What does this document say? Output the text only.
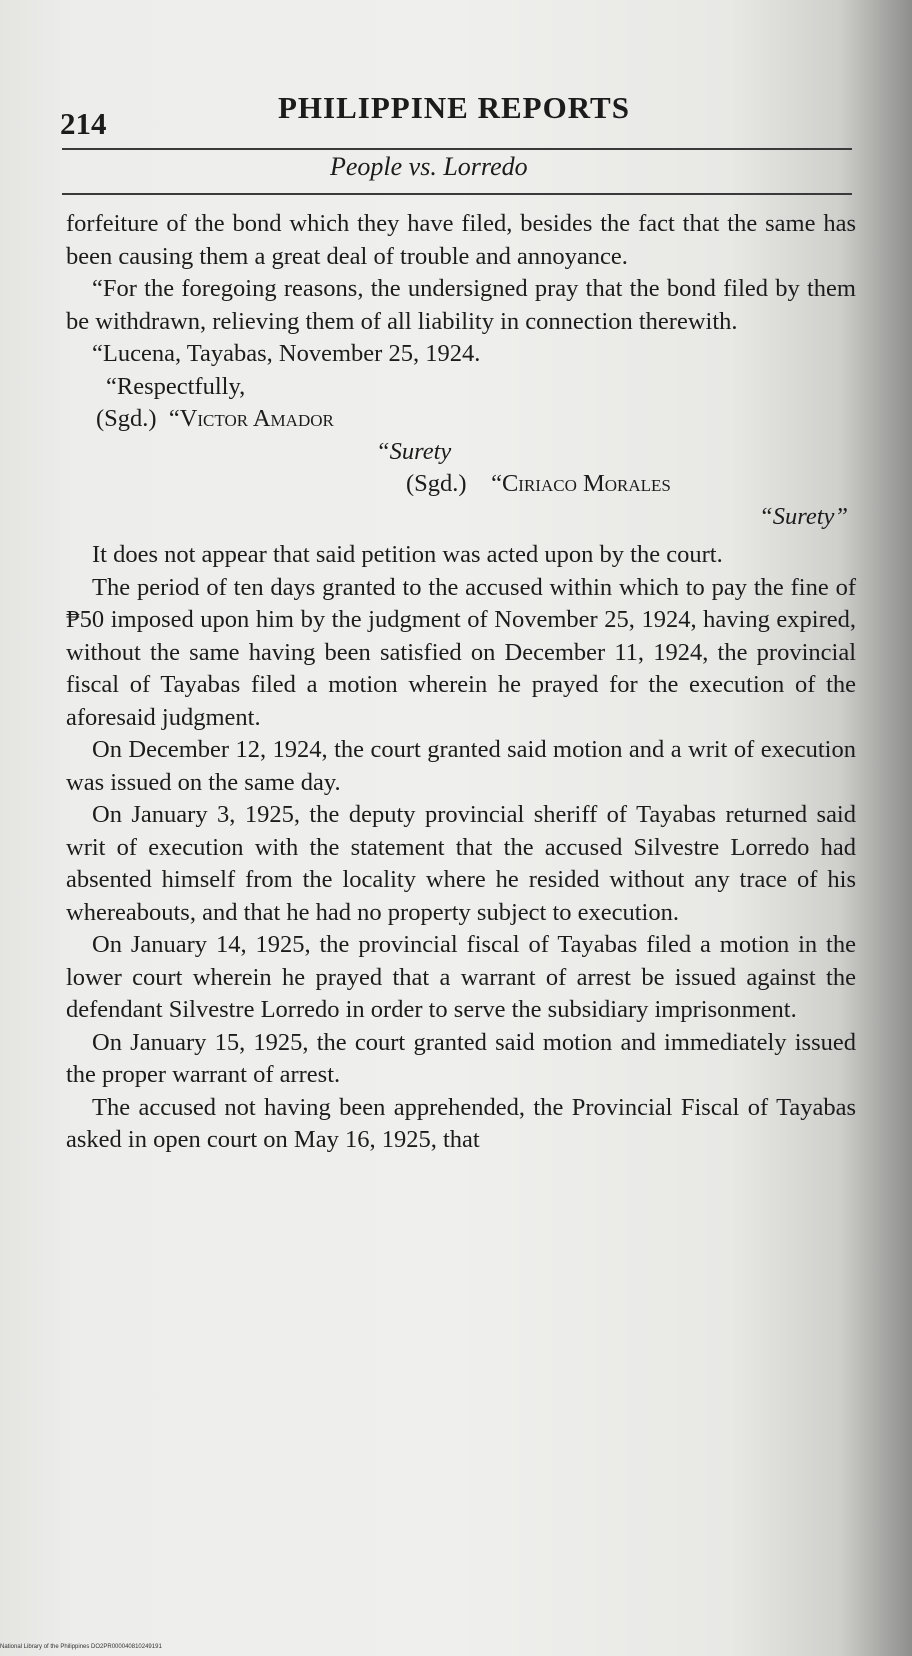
214	PHILIPPINE REPORTS
People vs. Lorredo

forfeiture of the bond which they have filed, besides the fact that the same has been causing them a great deal of trouble and annoyance.

“For the foregoing reasons, the undersigned pray that the bond filed by them be withdrawn, relieving them of all liability in connection therewith.

“Lucena, Tayabas, November 25, 1924.

“Respectfully,

(Sgd.) “Victor Amador

“Surety

(Sgd.) “Ciriaco Morales

“Surety”

It does not appear that said petition was acted upon by the court.

The period of ten days granted to the accused within which to pay the fine of ₱50 imposed upon him by the judgment of November 25, 1924, having expired, without the same having been satisfied on December 11, 1924, the provincial fiscal of Tayabas filed a motion wherein he prayed for the execution of the aforesaid judgment.

On December 12, 1924, the court granted said motion and a writ of execution was issued on the same day.

On January 3, 1925, the deputy provincial sheriff of Tayabas returned said writ of execution with the statement that the accused Silvestre Lorredo had absented himself from the locality where he resided without any trace of his whereabouts, and that he had no property subject to execution.

On January 14, 1925, the provincial fiscal of Tayabas filed a motion in the lower court wherein he prayed that a warrant of arrest be issued against the defendant Silvestre Lorredo in order to serve the subsidiary imprisonment.

On January 15, 1925, the court granted said motion and immediately issued the proper warrant of arrest.

The accused not having been apprehended, the Provincial Fiscal of Tayabas asked in open court on May 16, 1925, that

National Library of the Philippines DO2PR000040810249191
